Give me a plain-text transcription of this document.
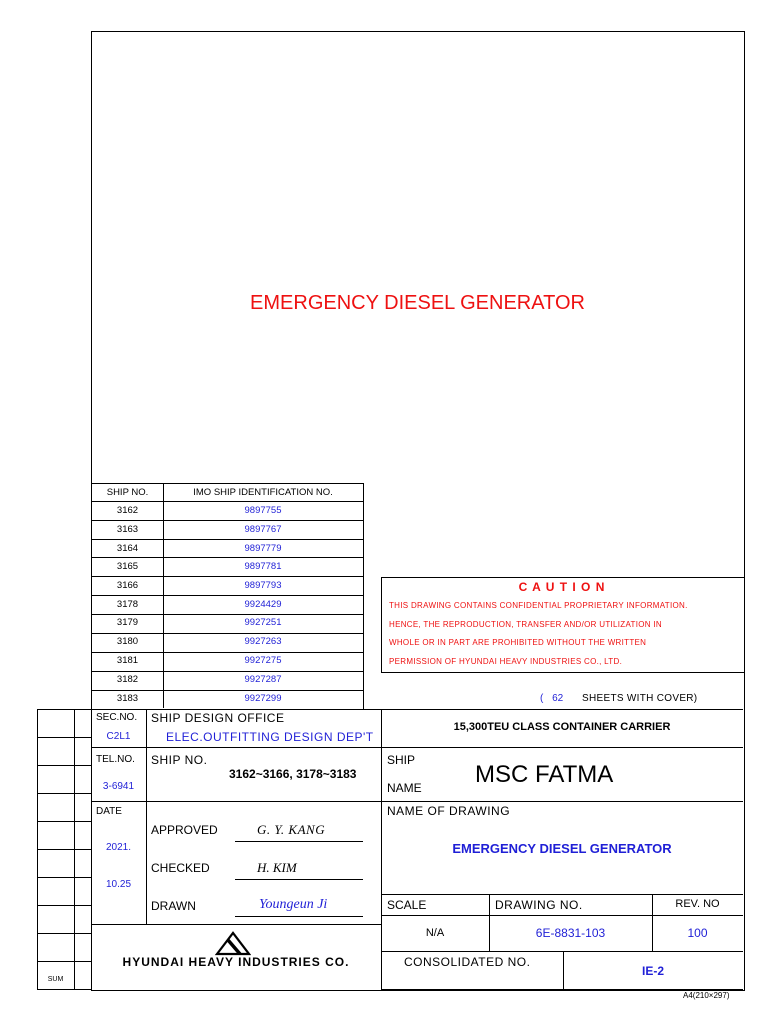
EMERGENCY DIESEL GENERATOR
SHIP NO.	IMO SHIP IDENTIFICATION NO.
3162	9897755
3163	9897767
3164	9897779
3165	9897781
3166	9897793
3178	9924429
3179	9927251
3180	9927263
3181	9927275
3182	9927287
3183	9927299
C A U T I O N
THIS DRAWING CONTAINS CONFIDENTIAL PROPRIETARY INFORMATION.
HENCE, THE REPRODUCTION, TRANSFER AND/OR UTILIZATION IN
WHOLE OR IN PART ARE PROHIBITED WITHOUT THE WRITTEN
PERMISSION OF HYUNDAI HEAVY INDUSTRIES CO., LTD.
( 62 SHEETS WITH COVER)
SEC.NO.
C2L1
SHIP DESIGN OFFICE
ELEC.OUTFITTING DESIGN DEP'T
15,300TEU CLASS CONTAINER CARRIER
TEL.NO.
3-6941
SHIP NO.
3162~3166, 3178~3183
SHIP
NAME MSC FATMA
DATE
2021.
10.25
APPROVED	G. Y. KANG
CHECKED	H. KIM
DRAWN	Youngeun Ji
NAME OF DRAWING
EMERGENCY DIESEL GENERATOR
SCALE
N/A
DRAWING NO.
6E-8831-103
REV. NO
100
HYUNDAI HEAVY INDUSTRIES CO.	CONSOLIDATED NO.
IE-2
SUM
A4(210×297)
